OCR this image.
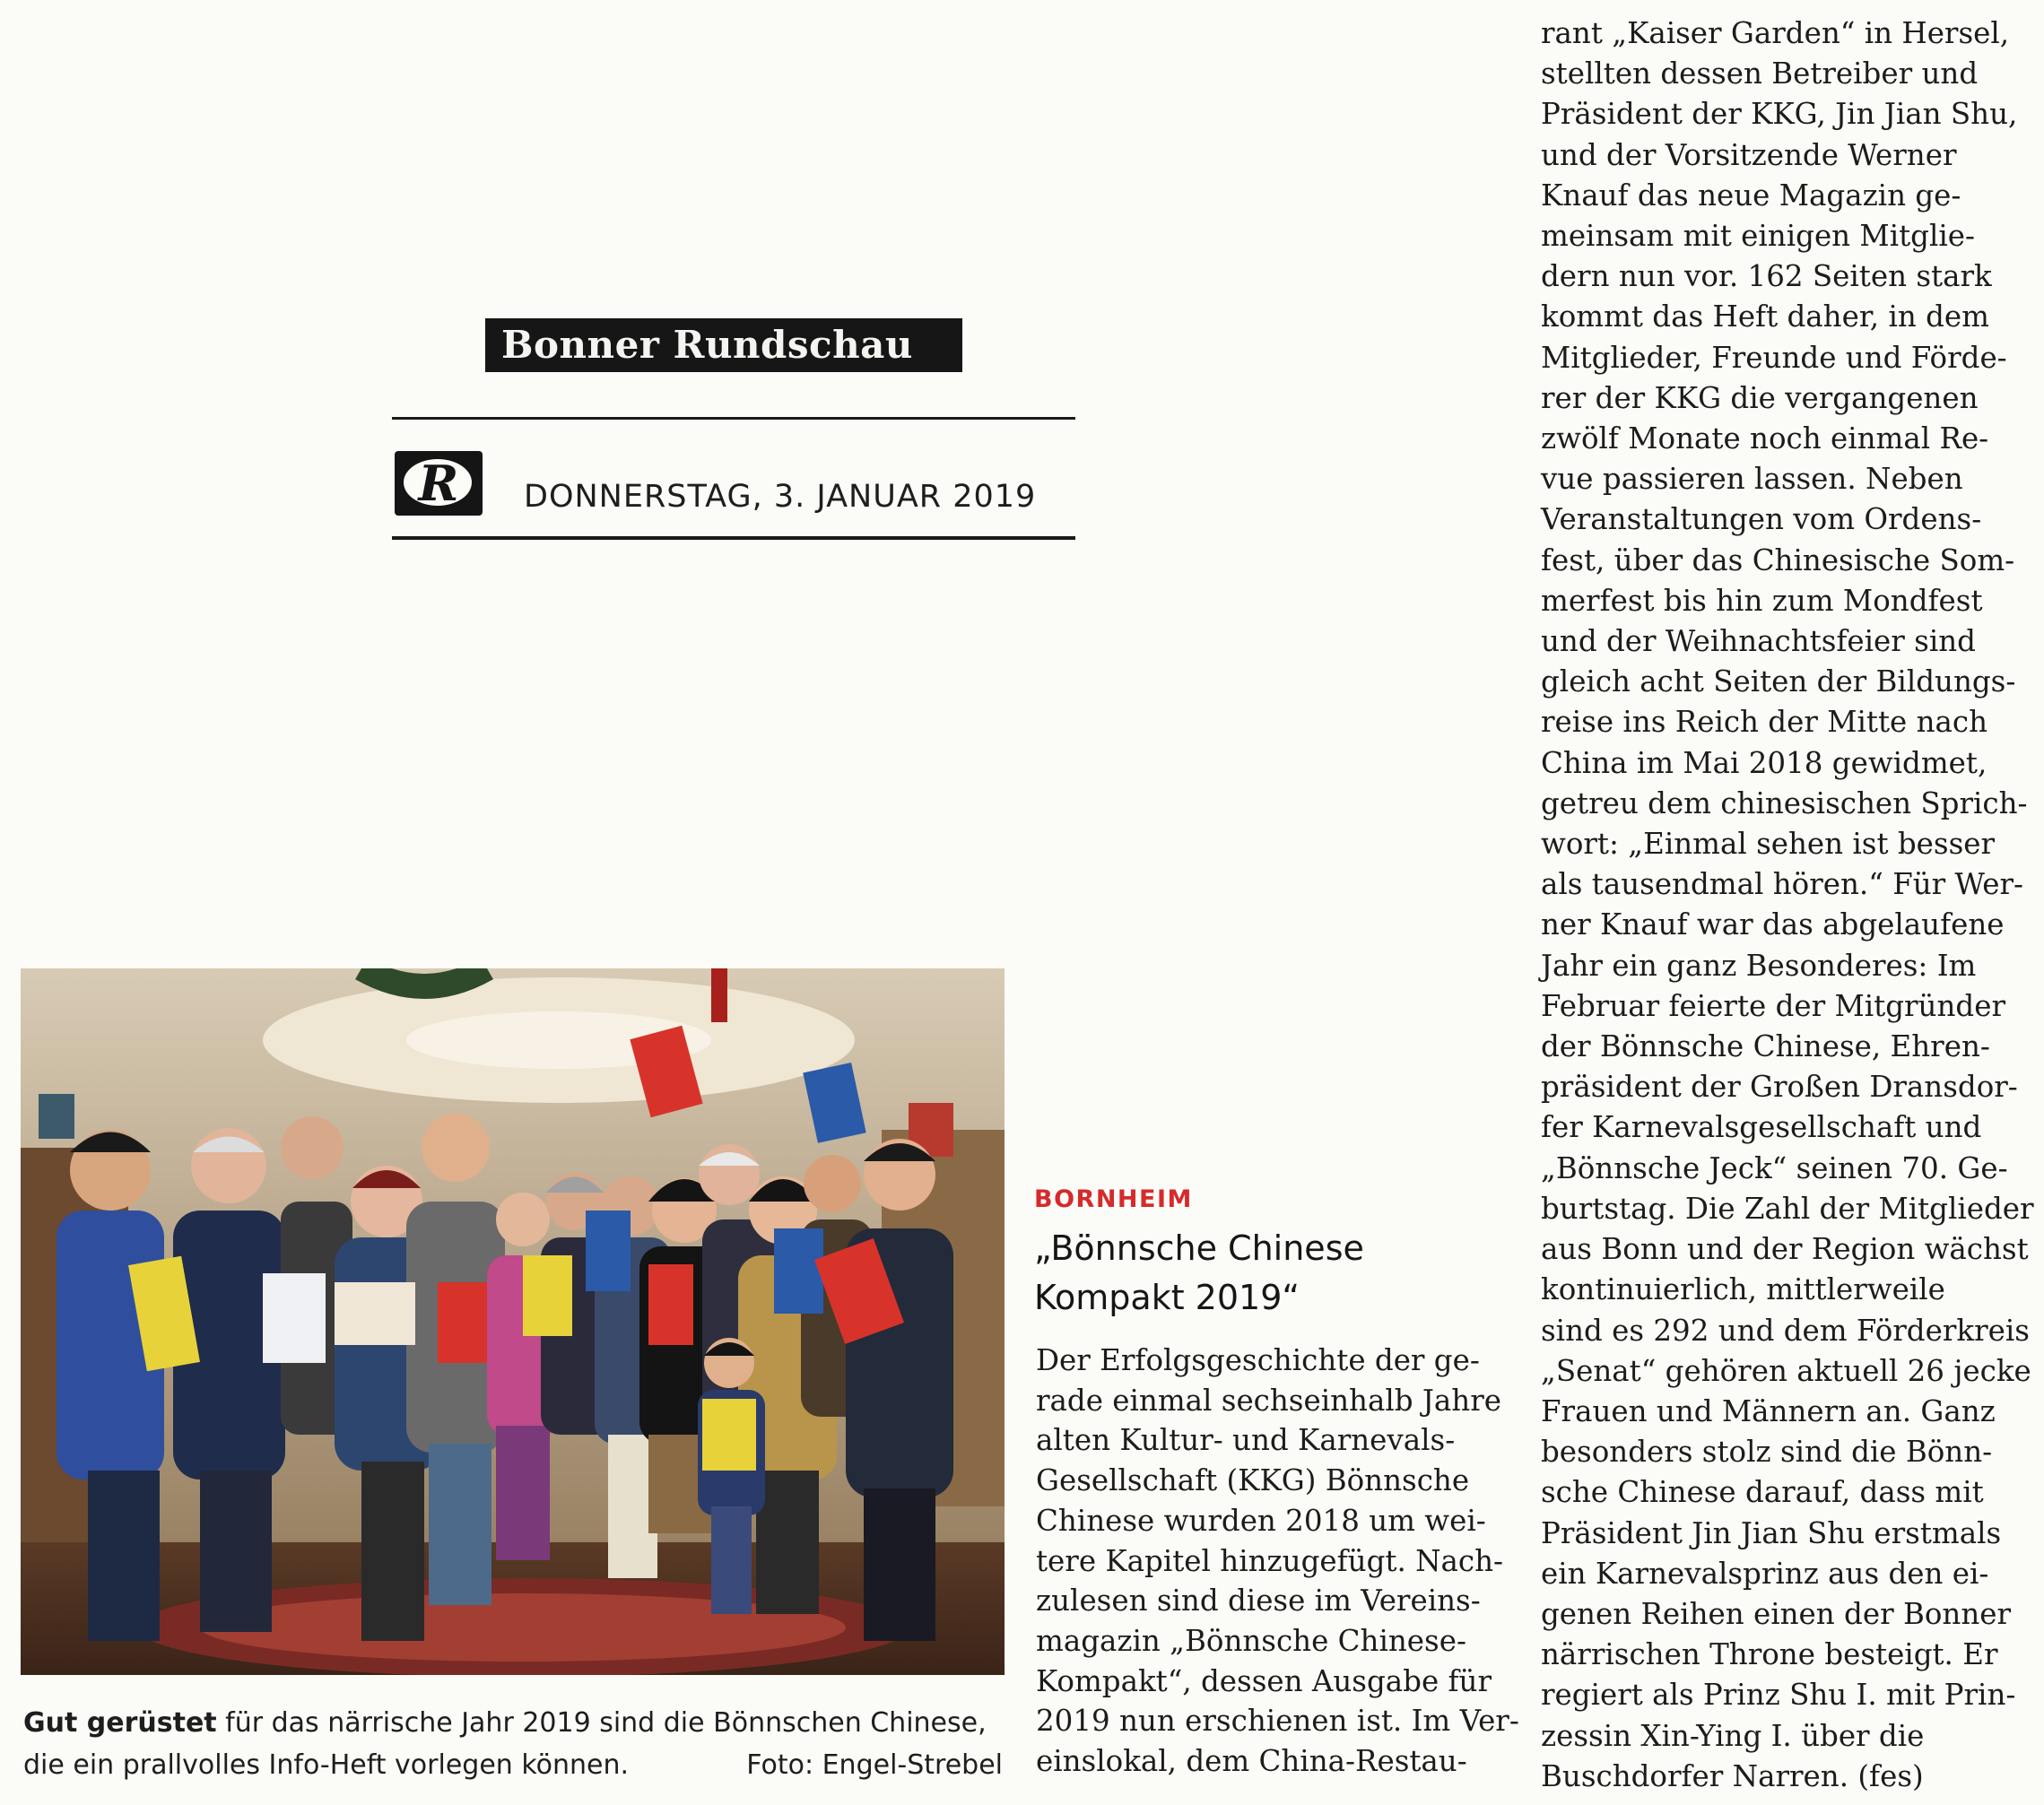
Bonner Rundschau
R	DONNERSTAG, 3. JANUAR 2019
Gut gerüstet für das närrische Jahr 2019 sind die Bönnschen Chinese,
die ein prallvolles Info-Heft vorlegen können.	Foto: Engel-Strebel
BORNHEIM
„Bönnsche Chinese
Kompakt 2019“
Der Erfolgsgeschichte der ge-
rade einmal sechseinhalb Jahre
alten Kultur- und Karnevals-
Gesellschaft (KKG) Bönnsche
Chinese wurden 2018 um wei-
tere Kapitel hinzugefügt. Nach-
zulesen sind diese im Vereins-
magazin „Bönnsche Chinese-
Kompakt“, dessen Ausgabe für
2019 nun erschienen ist. Im Ver-
einslokal, dem China-Restau-
rant „Kaiser Garden“ in Hersel,
stellten dessen Betreiber und
Präsident der KKG, Jin Jian Shu,
und der Vorsitzende Werner
Knauf das neue Magazin ge-
meinsam mit einigen Mitglie-
dern nun vor. 162 Seiten stark
kommt das Heft daher, in dem
Mitglieder, Freunde und Förde-
rer der KKG die vergangenen
zwölf Monate noch einmal Re-
vue passieren lassen. Neben
Veranstaltungen vom Ordens-
fest, über das Chinesische Som-
merfest bis hin zum Mondfest
und der Weihnachtsfeier sind
gleich acht Seiten der Bildungs-
reise ins Reich der Mitte nach
China im Mai 2018 gewidmet,
getreu dem chinesischen Sprich-
wort: „Einmal sehen ist besser
als tausendmal hören.“ Für Wer-
ner Knauf war das abgelaufene
Jahr ein ganz Besonderes: Im
Februar feierte der Mitgründer
der Bönnsche Chinese, Ehren-
präsident der Großen Dransdor-
fer Karnevalsgesellschaft und
„Bönnsche Jeck“ seinen 70. Ge-
burtstag. Die Zahl der Mitglieder
aus Bonn und der Region wächst
kontinuierlich, mittlerweile
sind es 292 und dem Förderkreis
„Senat“ gehören aktuell 26 jecke
Frauen und Männern an. Ganz
besonders stolz sind die Bönn-
sche Chinese darauf, dass mit
Präsident Jin Jian Shu erstmals
ein Karnevalsprinz aus den ei-
genen Reihen einen der Bonner
närrischen Throne besteigt. Er
regiert als Prinz Shu I. mit Prin-
zessin Xin-Ying I. über die
Buschdorfer Narren. (fes)
